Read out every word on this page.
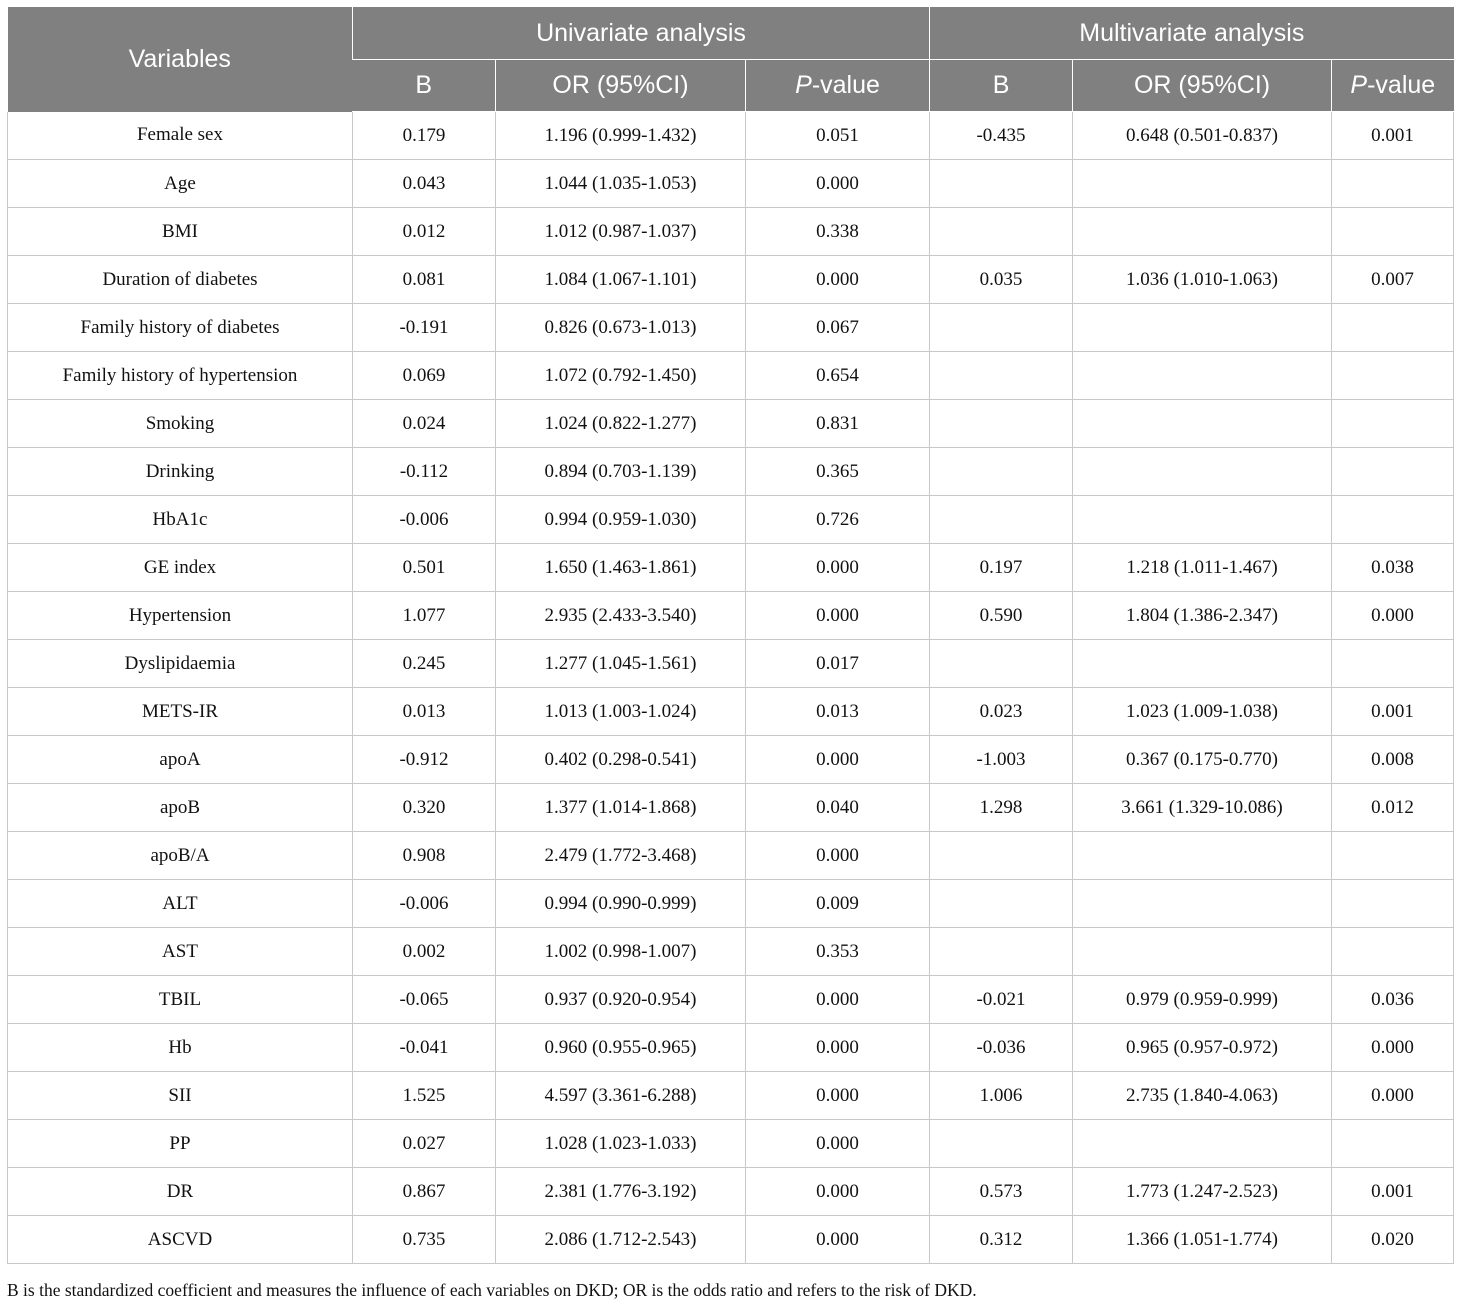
Variables	Univariate analysis			Multivariate analysis		
	B	OR (95%CI)	P-value	B	OR (95%CI)	P-value
Female sex	0.179	1.196 (0.999-1.432)	0.051	-0.435	0.648 (0.501-0.837)	0.001
Age	0.043	1.044 (1.035-1.053)	0.000			
BMI	0.012	1.012 (0.987-1.037)	0.338			
Duration of diabetes	0.081	1.084 (1.067-1.101)	0.000	0.035	1.036 (1.010-1.063)	0.007
Family history of diabetes	-0.191	0.826 (0.673-1.013)	0.067			
Family history of hypertension	0.069	1.072 (0.792-1.450)	0.654			
Smoking	0.024	1.024 (0.822-1.277)	0.831			
Drinking	-0.112	0.894 (0.703-1.139)	0.365			
HbA1c	-0.006	0.994 (0.959-1.030)	0.726			
GE index	0.501	1.650 (1.463-1.861)	0.000	0.197	1.218 (1.011-1.467)	0.038
Hypertension	1.077	2.935 (2.433-3.540)	0.000	0.590	1.804 (1.386-2.347)	0.000
Dyslipidaemia	0.245	1.277 (1.045-1.561)	0.017			
METS-IR	0.013	1.013 (1.003-1.024)	0.013	0.023	1.023 (1.009-1.038)	0.001
apoA	-0.912	0.402 (0.298-0.541)	0.000	-1.003	0.367 (0.175-0.770)	0.008
apoB	0.320	1.377 (1.014-1.868)	0.040	1.298	3.661 (1.329-10.086)	0.012
apoB/A	0.908	2.479 (1.772-3.468)	0.000			
ALT	-0.006	0.994 (0.990-0.999)	0.009			
AST	0.002	1.002 (0.998-1.007)	0.353			
TBIL	-0.065	0.937 (0.920-0.954)	0.000	-0.021	0.979 (0.959-0.999)	0.036
Hb	-0.041	0.960 (0.955-0.965)	0.000	-0.036	0.965 (0.957-0.972)	0.000
SII	1.525	4.597 (3.361-6.288)	0.000	1.006	2.735 (1.840-4.063)	0.000
PP	0.027	1.028 (1.023-1.033)	0.000			
DR	0.867	2.381 (1.776-3.192)	0.000	0.573	1.773 (1.247-2.523)	0.001
ASCVD	0.735	2.086 (1.712-2.543)	0.000	0.312	1.366 (1.051-1.774)	0.020
B is the standardized coefficient and measures the influence of each variables on DKD; OR is the odds ratio and refers to the risk of DKD.
